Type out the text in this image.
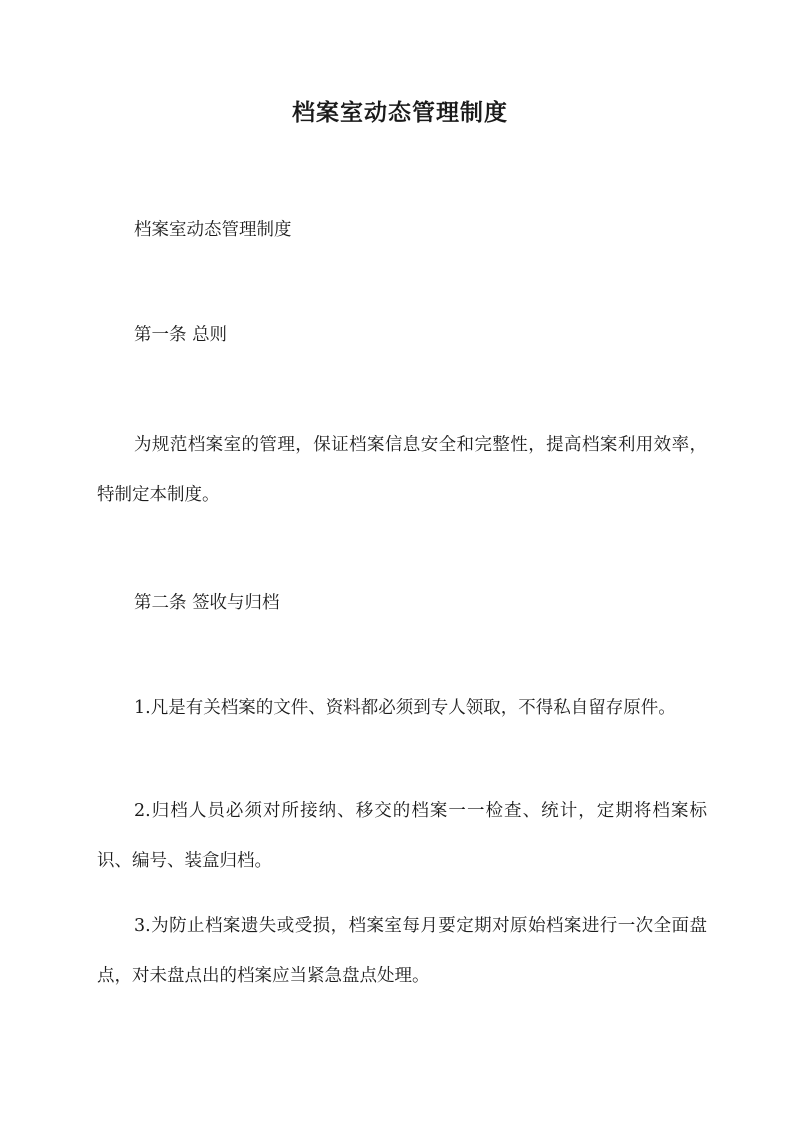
档案室动态管理制度

档案室动态管理制度

第一条 总则

为规范档案室的管理，保证档案信息安全和完整性，提高档案利用效率，特制定本制度。

第二条 签收与归档

1.凡是有关档案的文件、资料都必须到专人领取，不得私自留存原件。

2.归档人员必须对所接纳、移交的档案一一检查、统计，定期将档案标识、编号、装盒归档。

3.为防止档案遗失或受损，档案室每月要定期对原始档案进行一次全面盘点，对未盘点出的档案应当紧急盘点处理。
